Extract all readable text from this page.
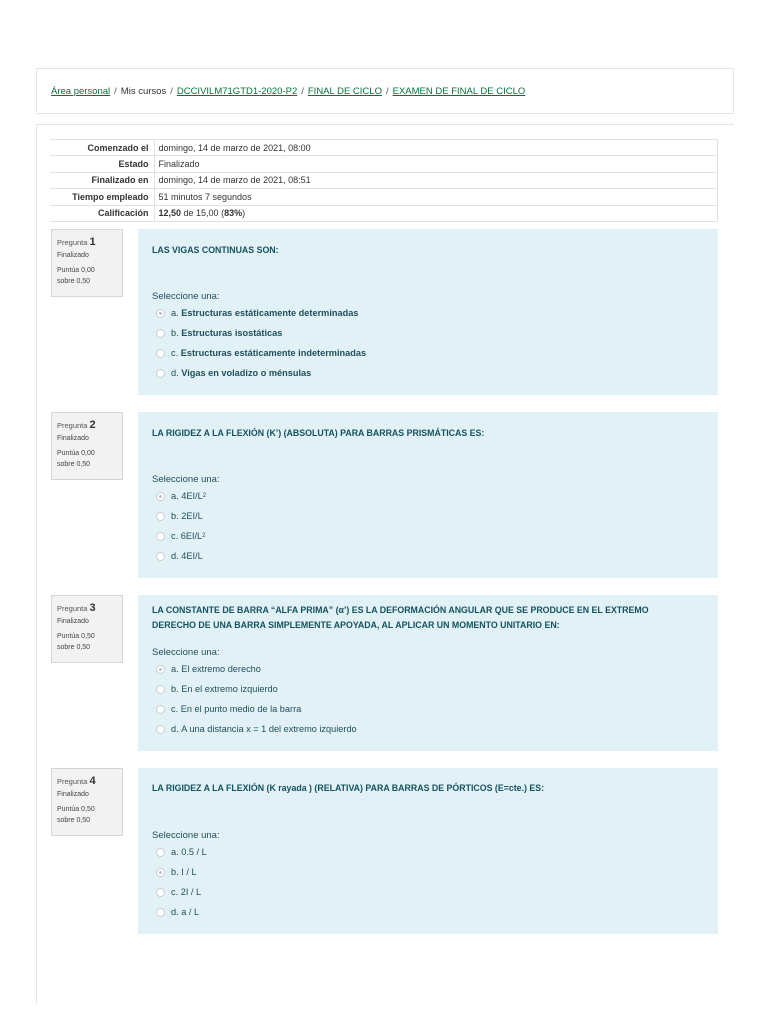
Área personal / Mis cursos / DCCIVILM71GTD1-2020-P2 / FINAL DE CICLO / EXAMEN DE FINAL DE CICLO
Comenzado el	domingo, 14 de marzo de 2021, 08:00
Estado	Finalizado
Finalizado en	domingo, 14 de marzo de 2021, 08:51
Tiempo empleado	51 minutos 7 segundos
Calificación	12,50 de 15,00 (83%)
Pregunta 1
Finalizado
Puntúa 0,00
sobre 0,50
LAS VIGAS CONTINUAS SON:
Seleccione una:
a.
Estructuras estáticamente determinadas
b.
Estructuras isostáticas
c.
Estructuras estáticamente indeterminadas
d.
Vigas en voladizo o ménsulas
Pregunta 2
Finalizado
Puntúa 0,00
sobre 0,50
LA RIGIDEZ A LA FLEXIÓN (K’) (ABSOLUTA) PARA BARRAS PRISMÁTICAS ES:
Seleccione una:
a.
4EI/L 2
b.
2EI/L
c.
6EI/L 2
d.
4EI/L
Pregunta 3
Finalizado
Puntúa 0,50
sobre 0,50
LA CONSTANTE DE BARRA “ALFA PRIMA” (α’) ES LA DEFORMACIÓN ANGULAR QUE SE PRODUCE EN EL EXTREMO
DERECHO DE UNA BARRA SIMPLEMENTE APOYADA, AL APLICAR UN MOMENTO UNITARIO EN:
Seleccione una:
a.
El extremo derecho
b.
En el extremo izquierdo
c.
En el punto medio de la barra
d.
A una distancia x = 1 del extremo izquierdo
Pregunta 4
Finalizado
Puntúa 0,50
sobre 0,50
LA RIGIDEZ A LA FLEXIÓN (K rayada ) (RELATIVA) PARA BARRAS DE PÓRTICOS (E=cte.) ES:
Seleccione una:
a.
0.5 / L
b.
I / L
c.
2I / L
d.
a / L
